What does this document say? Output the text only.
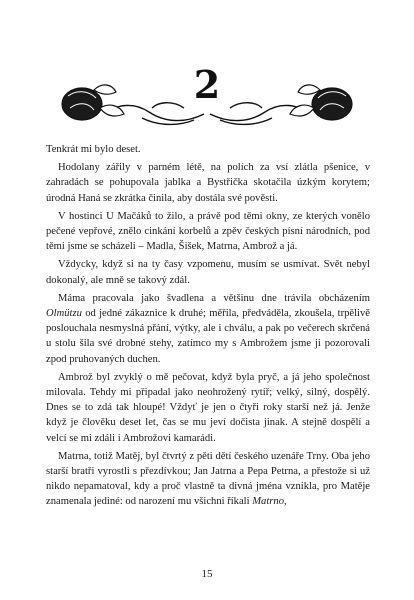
2

Tenkrát mi bylo deset.

Hodolany zářily v parném létě, na polích za vsí zlátla pšenice, v zahradách se pohupovala jablka a Bystřička skotačila úzkým korytem; úrodná Haná se zkrátka činila, aby dostála své pověsti.

V hostinci U Mačáků to žilo, a právě pod těmi okny, ze kterých vonělo pečené vepřové, znělo cinkání korbelů a zpěv českých písní národních, pod těmi jsme se scházeli – Madla, Šišek, Matrna, Ambrož a já.

Vždycky, když si na ty časy vzpomenu, musím se usmívat. Svět nebyl dokonalý, ale mně se takový zdál.

Máma pracovala jako švadlena a většinu dne trávila obcházením Olmützu od jedné zákaznice k druhé; měřila, předváděla, zkoušela, trpělivě poslouchala nesmyslná přání, výtky, ale i chválu, a pak po večerech skrčená u stolu šila své drobné stehy, zatímco my s Ambrožem jsme ji pozorovali zpod pruhovaných duchen.

Ambrož byl zvyklý o mě pečovat, když byla pryč, a já jeho společnost milovala. Tehdy mi připadal jako neohrožený rytíř; velký, silný, dospělý. Dnes se to zdá tak hloupé! Vždyť je jen o čtyři roky starší než já. Jenže když je člověku deset let, čas se mu jeví dočista jinak. A stejně dospělí a velcí se mi zdáli i Ambrožovi kamarádi.

Matrna, totiž Matěj, byl čtvrtý z pěti dětí českého uzenáře Trny. Oba jeho starší bratři vyrostli s přezdívkou; Jan Jatrna a Pepa Petrna, a přestože si už nikdo nepamatoval, kdy a proč vlastně ta divná jména vznikla, pro Matěje znamenala jediné: od narození mu všichni říkali Matrno,

15
